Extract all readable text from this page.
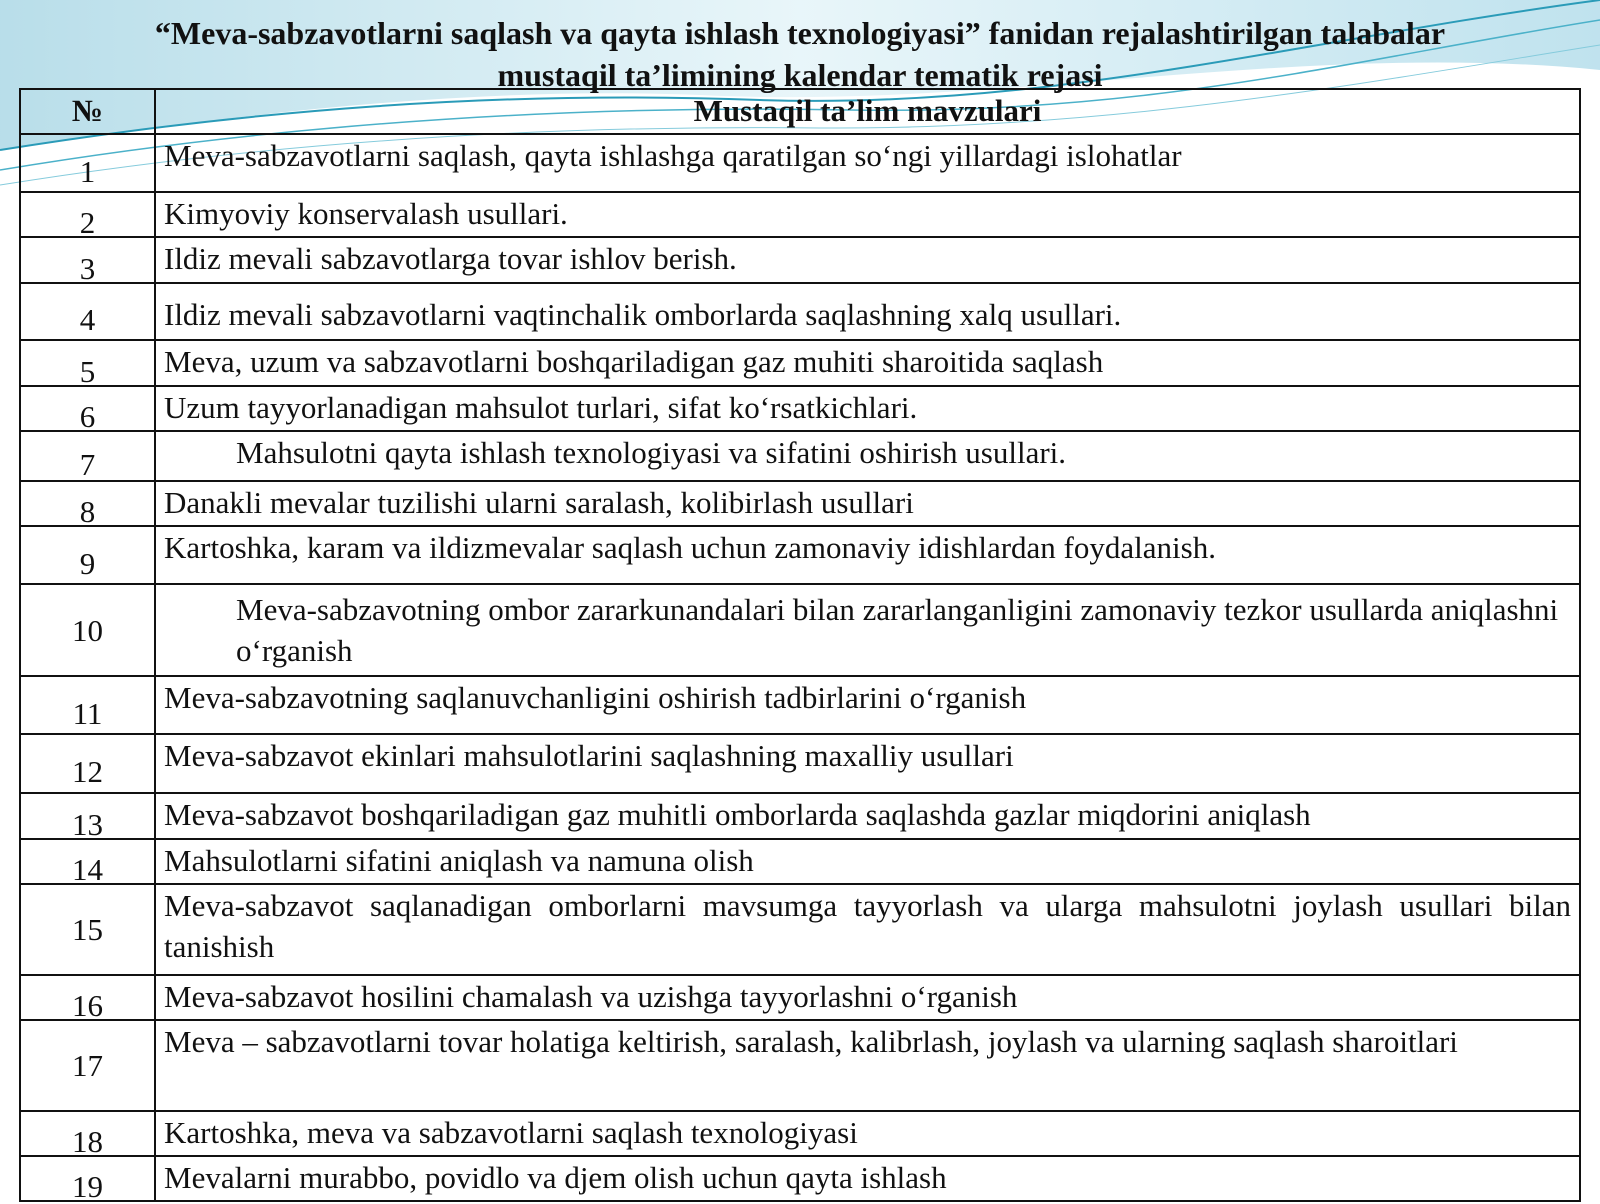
“Meva-sabzavotlarni saqlash va qayta ishlash texnologiyasi” fanidan rejalashtirilgan talabalar
mustaqil ta’limining kalendar tematik rejasi
№	Mustaqil ta’lim mavzulari
1	Meva-sabzavotlarni saqlash, qayta ishlashga qaratilgan so‘ngi yillardagi islohatlar
2	Kimyoviy konservalash usullari.
3	Ildiz mevali sabzavotlarga tovar ishlov berish.
4	Ildiz mevali sabzavotlarni vaqtinchalik omborlarda saqlashning xalq usullari.
5	Meva, uzum va sabzavotlarni boshqariladigan gaz muhiti sharoitida saqlash
6	Uzum tayyorlanadigan mahsulot turlari, sifat ko‘rsatkichlari.
7	Mahsulotni qayta ishlash texnologiyasi va sifatini oshirish usullari.
8	Danakli mevalar tuzilishi ularni saralash, kolibirlash usullari
9	Kartoshka, karam va ildizmevalar saqlash uchun zamonaviy idishlardan foydalanish.
10	Meva-sabzavotning ombor zararkunandalari bilan zararlanganligini zamonaviy tezkor usullarda aniqlashni o‘rganish
11	Meva-sabzavotning saqlanuvchanligini oshirish tadbirlarini o‘rganish
12	Meva-sabzavot ekinlari mahsulotlarini saqlashning maxalliy usullari
13	Meva-sabzavot boshqariladigan gaz muhitli omborlarda saqlashda gazlar miqdorini aniqlash
14	Mahsulotlarni sifatini aniqlash va namuna olish
15	Meva-sabzavot saqlanadigan omborlarni mavsumga tayyorlash va ularga mahsulotni joylash usullari bilan tanishish
16	Meva-sabzavot hosilini chamalash va uzishga tayyorlashni o‘rganish
17	Meva – sabzavotlarni tovar holatiga keltirish, saralash, kalibrlash, joylash va ularning saqlash sharoitlari
18	Kartoshka, meva va sabzavotlarni saqlash texnologiyasi
19	Mevalarni murabbo, povidlo va djem olish uchun qayta ishlash
